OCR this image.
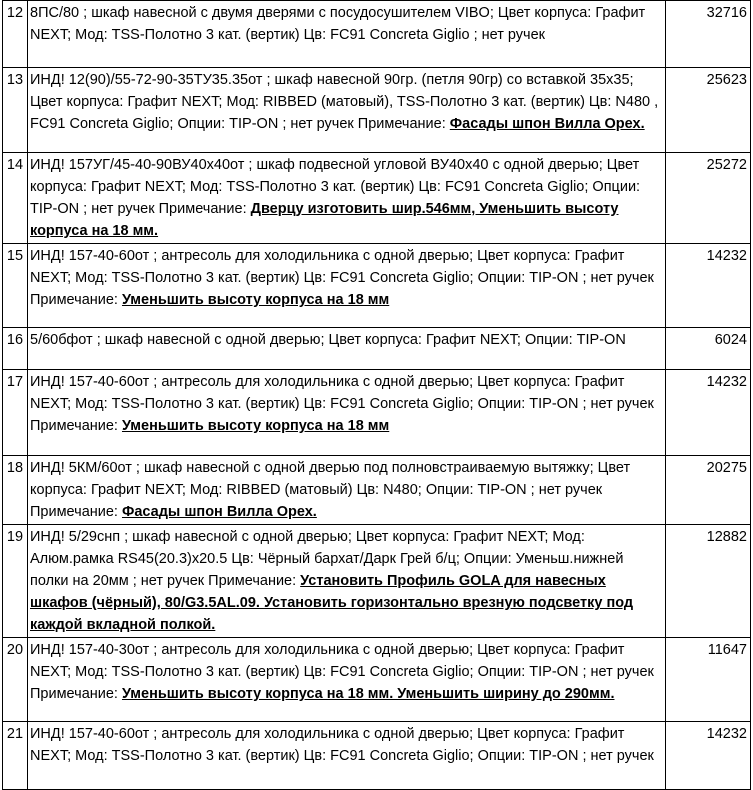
12	8ПС/80 ; шкаф навесной с двумя дверями с посудосушителем VIBO; Цвет корпуса: Графит NEXT; Мод: TSS-Полотно 3 кат. (вертик) Цв: FC91 Concreta Giglio ; нет ручек	32716
13	ИНД! 12(90)/55-72-90-35ТУ35.35от ; шкаф навесной 90гр. (петля 90гр) со вставкой 35х35; Цвет корпуса: Графит NEXT; Мод: RIBBED (матовый), TSS-Полотно 3 кат. (вертик) Цв: N480 , FC91 Concreta Giglio; Опции: TIP-ON ; нет ручек Примечание: Фасады шпон Вилла Орех.	25623
14	ИНД! 157УГ/45-40-90ВУ40х40от ; шкаф подвесной угловой ВУ40х40 с одной дверью; Цвет корпуса: Графит NEXT; Мод: TSS-Полотно 3 кат. (вертик) Цв: FC91 Concreta Giglio; Опции: TIP-ON ; нет ручек Примечание: Дверцу изготовить шир.546мм, Уменьшить высоту корпуса на 18 мм.	25272
15	ИНД! 157-40-60от ; антресоль для холодильника с одной дверью; Цвет корпуса: Графит NEXT; Мод: TSS-Полотно 3 кат. (вертик) Цв: FC91 Concreta Giglio; Опции: TIP-ON ; нет ручек Примечание: Уменьшить высоту корпуса на 18 мм	14232
16	5/60бфот ; шкаф навесной с одной дверью; Цвет корпуса: Графит NEXT; Опции: TIP-ON	6024
17	ИНД! 157-40-60от ; антресоль для холодильника с одной дверью; Цвет корпуса: Графит NEXT; Мод: TSS-Полотно 3 кат. (вертик) Цв: FC91 Concreta Giglio; Опции: TIP-ON ; нет ручек Примечание: Уменьшить высоту корпуса на 18 мм	14232
18	ИНД! 5КМ/60от ; шкаф навесной с одной дверью под полновстраиваемую вытяжку; Цвет корпуса: Графит NEXT; Мод: RIBBED (матовый) Цв: N480; Опции: TIP-ON ; нет ручек Примечание: Фасады шпон Вилла Орех.	20275
19	ИНД! 5/29снп ; шкаф навесной с одной дверью; Цвет корпуса: Графит NEXT; Мод: Алюм.рамка RS45(20.3)х20.5 Цв: Чёрный бархат/Дарк Грей б/ц; Опции: Уменьш.нижней полки на 20мм ; нет ручек Примечание: Установить Профиль GOLA для навесных шкафов (чёрный), 80/G3.5AL.09. Установить горизонтально врезную подсветку под каждой вкладной полкой.	12882
20	ИНД! 157-40-30от ; антресоль для холодильника с одной дверью; Цвет корпуса: Графит NEXT; Мод: TSS-Полотно 3 кат. (вертик) Цв: FC91 Concreta Giglio; Опции: TIP-ON ; нет ручек Примечание: Уменьшить высоту корпуса на 18 мм. Уменьшить ширину до 290мм.	11647
21	ИНД! 157-40-60от ; антресоль для холодильника с одной дверью; Цвет корпуса: Графит NEXT; Мод: TSS-Полотно 3 кат. (вертик) Цв: FC91 Concreta Giglio; Опции: TIP-ON ; нет ручек	14232
